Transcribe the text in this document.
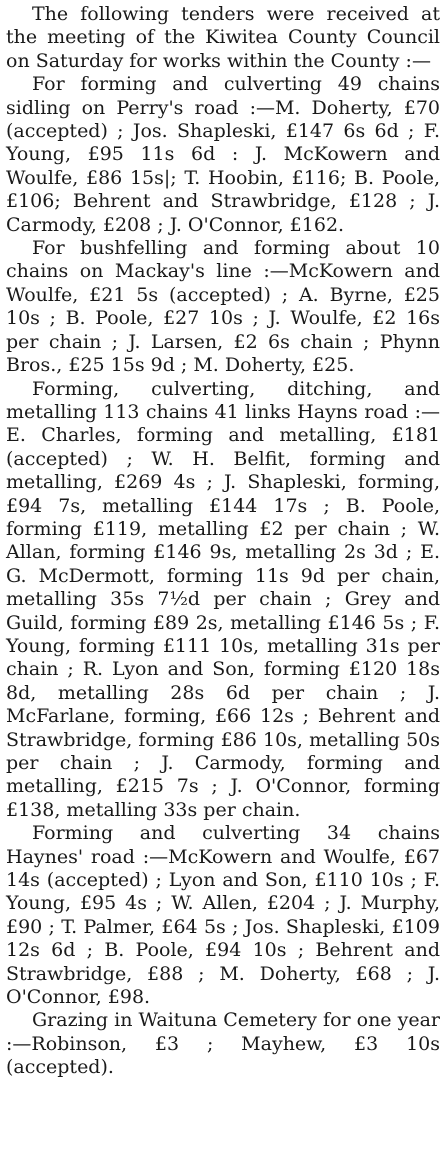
The following tenders were received at the meeting of the Kiwitea County Council on Saturday for works within the County :—

For forming and culverting 49 chains sidling on Perry's road :—M. Doherty, £70 (accepted) ; Jos. Shapleski, £147 6s 6d ; F. Young, £95 11s 6d : J. McKowern and Woulfe, £86 15s|; T. Hoobin, £116; B. Poole, £106; Behrent and Strawbridge, £128 ; J. Carmody, £208 ; J. O'Connor, £162.

For bushfelling and forming about 10 chains on Mackay's line :—McKowern and Woulfe, £21 5s (accepted) ; A. Byrne, £25 10s ; B. Poole, £27 10s ; J. Woulfe, £2 16s per chain ; J. Larsen, £2 6s chain ; Phynn Bros., £25 15s 9d ; M. Doherty, £25.

Forming, culverting, ditching, and metalling 113 chains 41 links Hayns road :—E. Charles, forming and metalling, £181 (accepted) ; W. H. Belfit, forming and metalling, £269 4s ; J. Shapleski, forming, £94 7s, metalling £144 17s ; B. Poole, forming £119, metalling £2 per chain ; W. Allan, forming £146 9s, metalling 2s 3d ; E. G. McDermott, forming 11s 9d per chain, metalling 35s 7½d per chain ; Grey and Guild, forming £89 2s, metalling £146 5s ; F. Young, forming £111 10s, metalling 31s per chain ; R. Lyon and Son, forming £120 18s 8d, metalling 28s 6d per chain ; J. McFarlane, forming, £66 12s ; Behrent and Strawbridge, forming £86 10s, metalling 50s per chain ; J. Carmody, forming and metalling, £215 7s ; J. O'Connor, forming £138, metalling 33s per chain.

Forming and culverting 34 chains Haynes' road :—McKowern and Woulfe, £67 14s (accepted) ; Lyon and Son, £110 10s ; F. Young, £95 4s ; W. Allen, £204 ; J. Murphy, £90 ; T. Palmer, £64 5s ; Jos. Shapleski, £109 12s 6d ; B. Poole, £94 10s ; Behrent and Strawbridge, £88 ; M. Doherty, £68 ; J. O'Connor, £98.

Grazing in Waituna Cemetery for one year :—Robinson, £3 ; Mayhew, £3 10s (accepted).
